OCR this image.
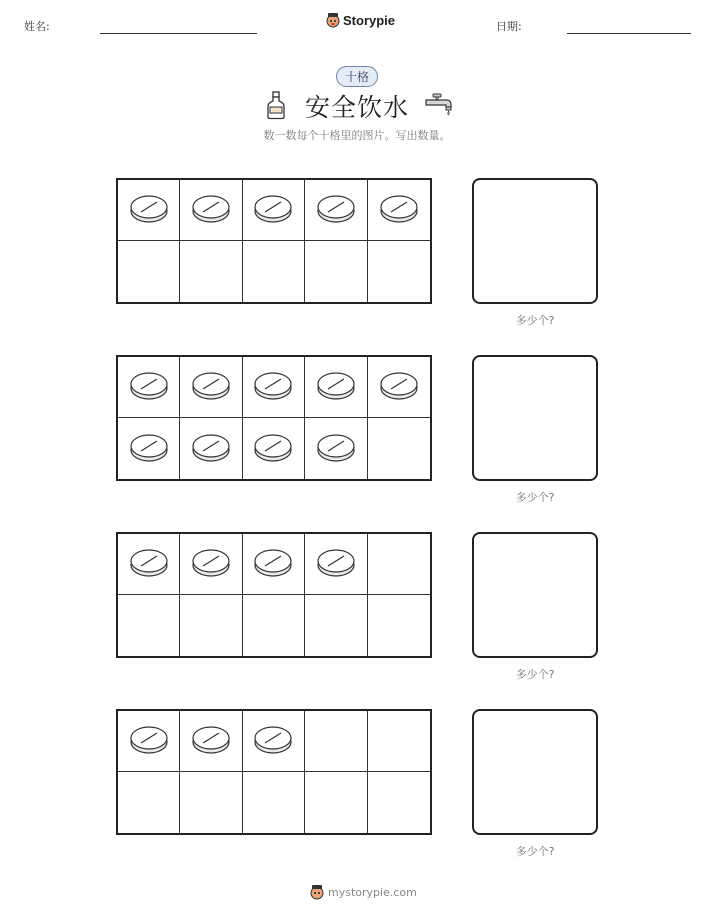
姓名:	Storypie	日期:
十格
安全饮水
数一数每个十格里的图片。写出数量。
多少个?
多少个?
多少个?
多少个?
mystorypie.com
